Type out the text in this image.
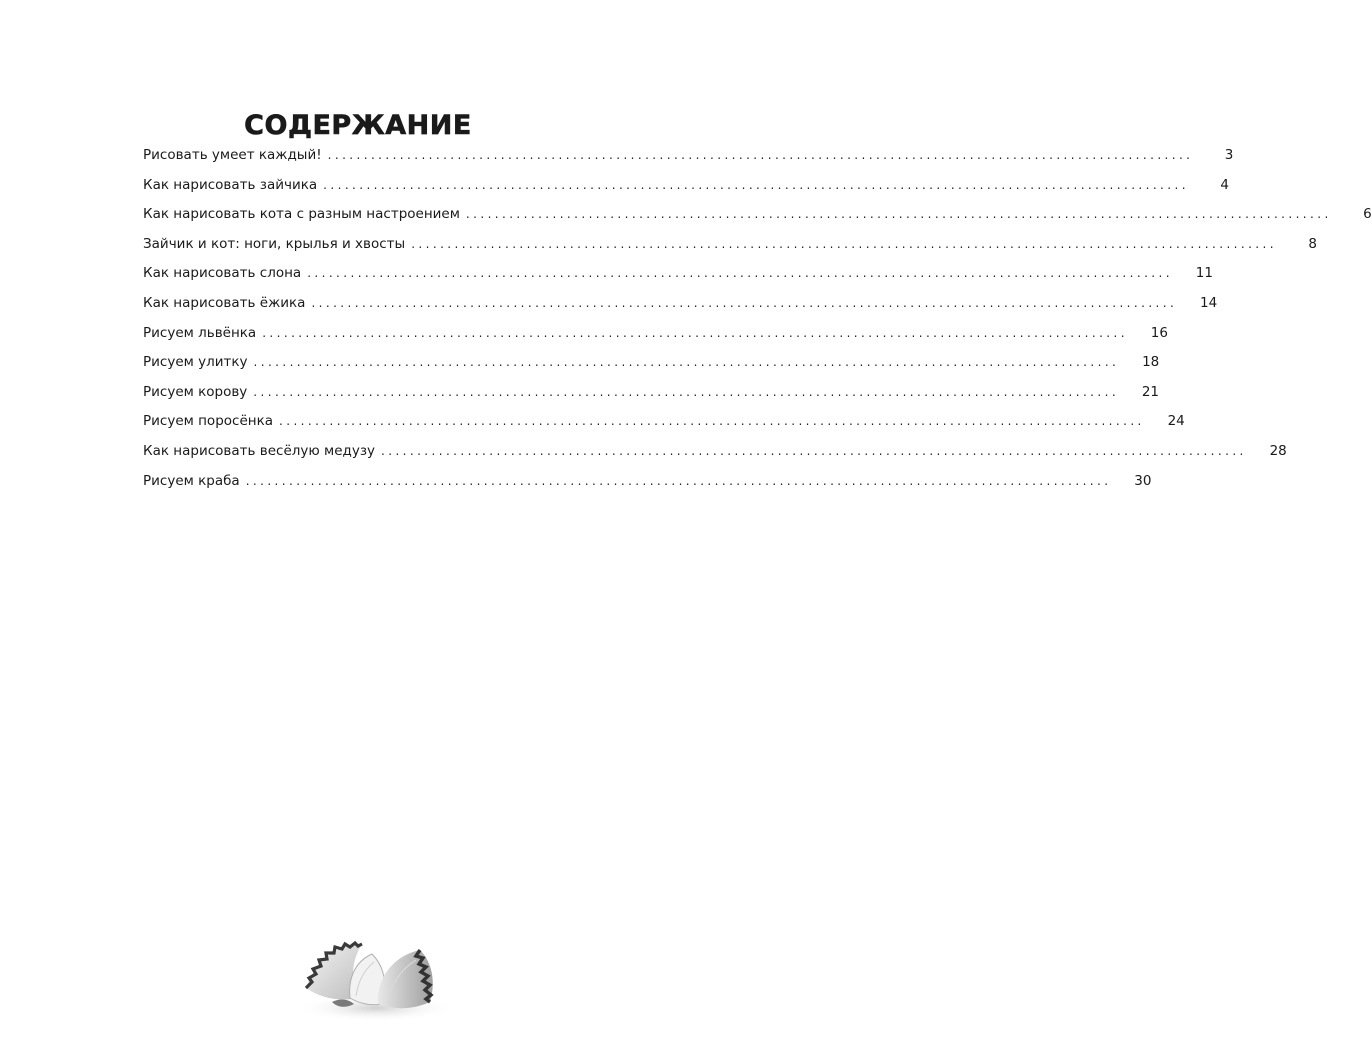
СОДЕРЖАНИЕ
Рисовать умеет каждый! ........................................................................................................................	3
Как нарисовать зайчика ........................................................................................................................	4
Как нарисовать кота с разным настроением ........................................................................................................................	6
Зайчик и кот: ноги, крылья и хвосты ........................................................................................................................	8
Как нарисовать слона ........................................................................................................................	11
Как нарисовать ёжика ........................................................................................................................	14
Рисуем львёнка ........................................................................................................................	16
Рисуем улитку ........................................................................................................................	18
Рисуем корову ........................................................................................................................	21
Рисуем поросёнка ........................................................................................................................	24
Как нарисовать весёлую медузу ........................................................................................................................	28
Рисуем краба ........................................................................................................................	30
